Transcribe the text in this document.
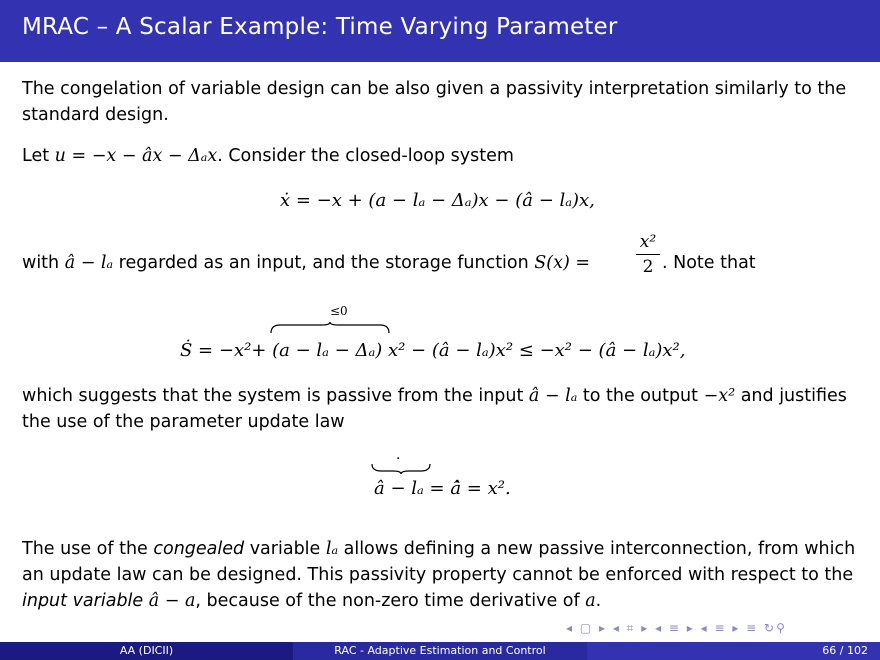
MRAC – A Scalar Example: Time Varying Parameter
The congelation of variable design can be also given a passivity interpretation similarly to the standard design.
Let u = −x − âx − Δₐx. Consider the closed-loop system
ẋ = −x + (a − lₐ − Δₐ)x − (â − lₐ)x,
with â − lₐ regarded as an input, and the storage function S(x) =
x²
2 . Note that
≤0
Ṡ = −x²+ (a − lₐ − Δₐ) x² − (â − lₐ)x² ≤ −x² − (â − lₐ)x²,
which suggests that the system is passive from the input â − lₐ to the output −x² and justifies the use of the parameter update law
·
â − lₐ = â̇ = x².
The use of the congealed variable lₐ allows defining a new passive interconnection, from which an update law can be designed. This passivity property cannot be enforced with respect to the input variable â − a, because of the non-zero time derivative of a.
◂ ▢ ▸ ◂ ⌗ ▸ ◂ ≡ ▸ ◂ ≡ ▸ ≡ ↻⚲
AA (DICII)	RAC - Adaptive Estimation and Control	66 / 102
